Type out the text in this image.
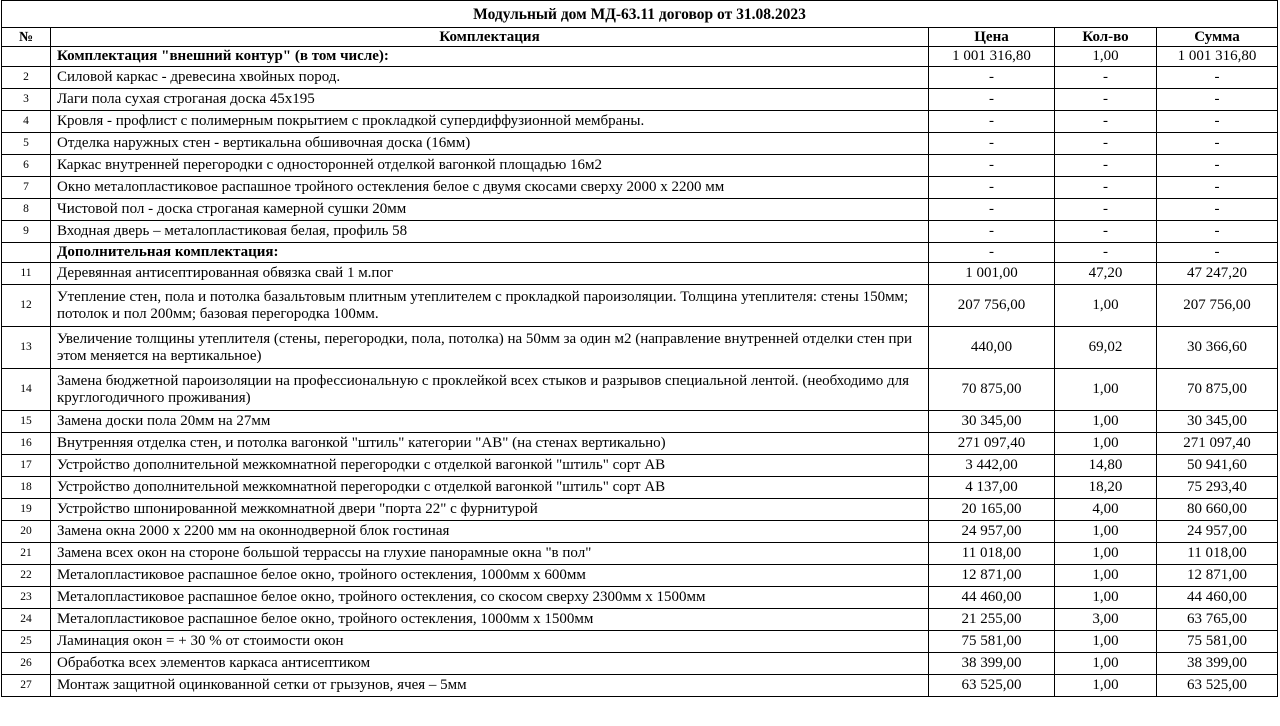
Модульный дом МД-63.11 договор от 31.08.2023				
№	Комплектация	Цена	Кол-во	Сумма
	Комплектация "внешний контур" (в том числе):	1 001 316,80	1,00	1 001 316,80
2	Силовой каркас - древесина хвойных пород.	-	-	-
3	Лаги пола сухая строганая доска 45х195	-	-	-
4	Кровля - профлист с полимерным покрытием с прокладкой супердиффузионной мембраны.	-	-	-
5	Отделка наружных стен - вертикальна обшивочная доска (16мм)	-	-	-
6	Каркас внутренней перегородки с односторонней отделкой вагонкой площадью 16м2	-	-	-
7	Окно металопластиковое распашное тройного остекления белое с двумя скосами сверху 2000 х 2200 мм	-	-	-
8	Чистовой пол - доска строганая камерной сушки 20мм	-	-	-
9	Входная дверь – металопластиковая белая, профиль 58	-	-	-
	Дополнительная комплектация:	-	-	-
11	Деревянная антисептированная обвязка свай 1 м.пог	1 001,00	47,20	47 247,20
12	Утепление стен, пола и потолка базальтовым плитным утеплителем с прокладкой пароизоляции. Толщина утеплителя: стены 150мм; потолок и пол 200мм; базовая перегородка 100мм.	207 756,00	1,00	207 756,00
13	Увеличение толщины утеплителя (стены, перегородки, пола, потолка) на 50мм за один м2 (направление внутренней отделки стен при этом меняется на вертикальное)	440,00	69,02	30 366,60
14	Замена бюджетной пароизоляции на профессиональную с проклейкой всех стыков и разрывов специальной лентой. (необходимо для круглогодичного проживания)	70 875,00	1,00	70 875,00
15	Замена доски пола 20мм на 27мм	30 345,00	1,00	30 345,00
16	Внутренняя отделка стен, и потолка вагонкой "штиль" категории "АВ" (на стенах вертикально)	271 097,40	1,00	271 097,40
17	Устройство дополнительной межкомнатной перегородки с отделкой вагонкой "штиль" сорт АВ	3 442,00	14,80	50 941,60
18	Устройство дополнительной межкомнатной перегородки с отделкой вагонкой "штиль" сорт АВ	4 137,00	18,20	75 293,40
19	Устройство шпонированной межкомнатной двери "порта 22" с фурнитурой	20 165,00	4,00	80 660,00
20	Замена окна 2000 х 2200 мм на оконнодверной блок гостиная	24 957,00	1,00	24 957,00
21	Замена всех окон на стороне большой террассы на глухие панорамные окна "в пол"	11 018,00	1,00	11 018,00
22	Металопластиковое распашное белое окно, тройного остекления, 1000мм х 600мм	12 871,00	1,00	12 871,00
23	Металопластиковое распашное белое окно, тройного остекления, со скосом сверху 2300мм х 1500мм	44 460,00	1,00	44 460,00
24	Металопластиковое распашное белое окно, тройного остекления, 1000мм х 1500мм	21 255,00	3,00	63 765,00
25	Ламинация окон = + 30 % от стоимости окон	75 581,00	1,00	75 581,00
26	Обработка всех элементов каркаса антисептиком	38 399,00	1,00	38 399,00
27	Монтаж защитной оцинкованной сетки от грызунов, ячея – 5мм	63 525,00	1,00	63 525,00
